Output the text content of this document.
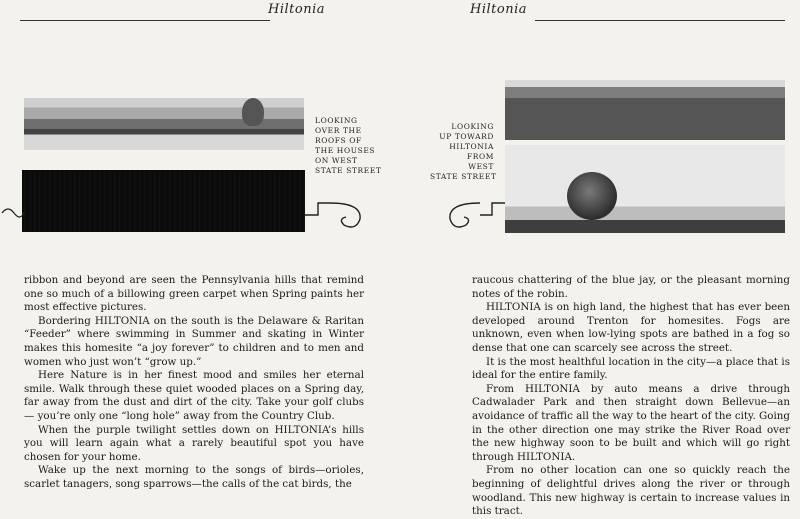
Hiltonia
LOOKING
OVER THE
ROOFS OF
THE HOUSES
ON WEST
STATE STREET

ribbon and beyond are seen the Pennsylvania hills that remind one so much of a billowing green carpet when Spring paints her most effective pictures.

Bordering HILTONIA on the south is the Delaware & Raritan “Feeder” where swimming in Summer and skating in Winter makes this homesite “a joy forever” to children and to men and women who just won’t “grow up.”

Here Nature is in her finest mood and smiles her eternal smile. Walk through these quiet wooded places on a Spring day, far away from the dust and dirt of the city. Take your golf clubs — you’re only one “long hole” away from the Country Club.

When the purple twilight settles down on HILTONIA’s hills you will learn again what a rarely beautiful spot you have chosen for your home.

Wake up the next morning to the songs of birds—orioles, scarlet tanagers, song sparrows—the calls of the cat birds, the

Hiltonia
LOOKING
UP TOWARD
HILTONIA
FROM
WEST
STATE STREET

raucous chattering of the blue jay, or the pleasant morning notes of the robin.

HILTONIA is on high land, the highest that has ever been developed around Trenton for homesites. Fogs are unknown, even when low-lying spots are bathed in a fog so dense that one can scarcely see across the street.

It is the most healthful location in the city—a place that is ideal for the entire family.

From HILTONIA by auto means a drive through Cadwalader Park and then straight down Bellevue—an avoidance of traffic all the way to the heart of the city. Going in the other direction one may strike the River Road over the new highway soon to be built and which will go right through HILTONIA.

From no other location can one so quickly reach the beginning of delightful drives along the river or through woodland. This new highway is certain to increase values in this tract.
